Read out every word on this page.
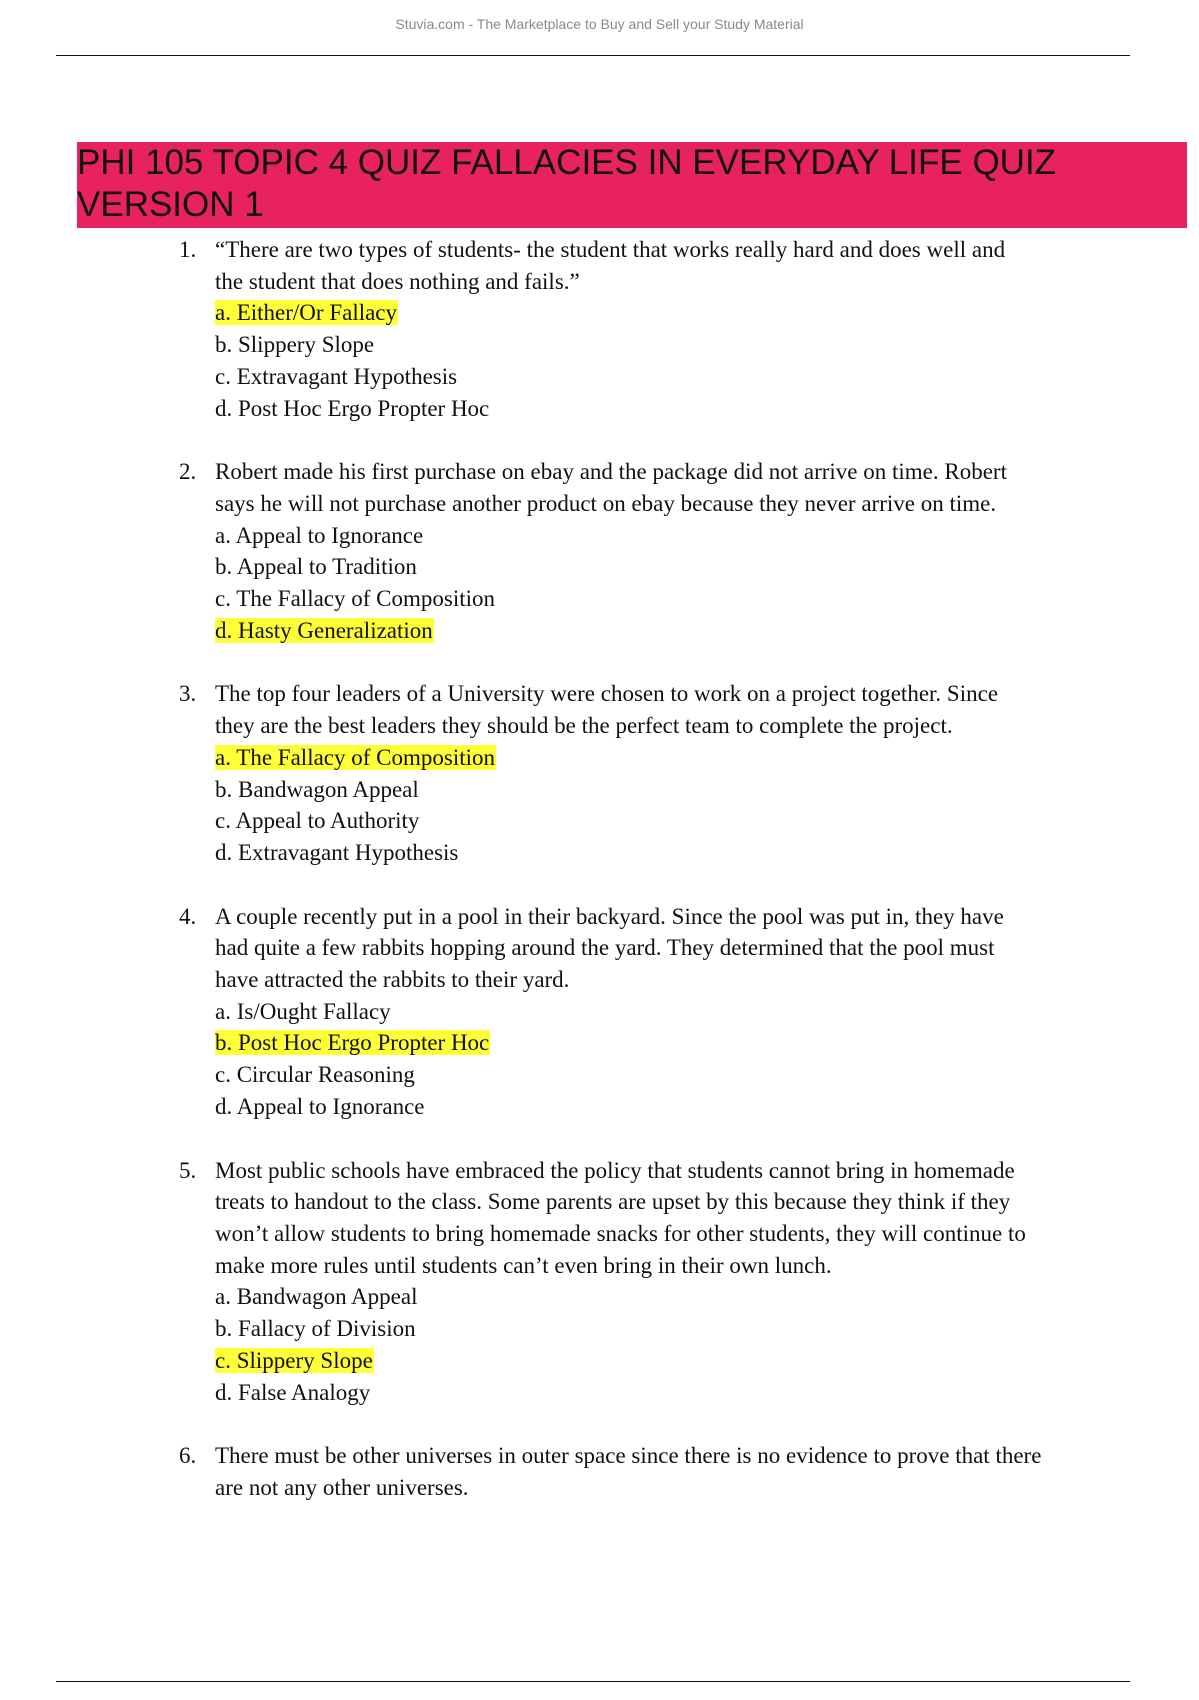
Stuvia.com - The Marketplace to Buy and Sell your Study Material
PHI 105 TOPIC 4 QUIZ FALLACIES IN EVERYDAY LIFE QUIZ
VERSION 1
1. “There are two types of students- the student that works really hard and does well and
the student that does nothing and fails.”
a. Either/Or Fallacy
b. Slippery Slope
c. Extravagant Hypothesis
d. Post Hoc Ergo Propter Hoc
2. Robert made his first purchase on ebay and the package did not arrive on time. Robert
says he will not purchase another product on ebay because they never arrive on time.
a. Appeal to Ignorance
b. Appeal to Tradition
c. The Fallacy of Composition
d. Hasty Generalization
3. The top four leaders of a University were chosen to work on a project together. Since
they are the best leaders they should be the perfect team to complete the project.
a. The Fallacy of Composition
b. Bandwagon Appeal
c. Appeal to Authority
d. Extravagant Hypothesis
4. A couple recently put in a pool in their backyard. Since the pool was put in, they have
had quite a few rabbits hopping around the yard. They determined that the pool must
have attracted the rabbits to their yard.
a. Is/Ought Fallacy
b. Post Hoc Ergo Propter Hoc
c. Circular Reasoning
d. Appeal to Ignorance
5. Most public schools have embraced the policy that students cannot bring in homemade
treats to handout to the class. Some parents are upset by this because they think if they
won’t allow students to bring homemade snacks for other students, they will continue to
make more rules until students can’t even bring in their own lunch.
a. Bandwagon Appeal
b. Fallacy of Division
c. Slippery Slope
d. False Analogy
6. There must be other universes in outer space since there is no evidence to prove that there
are not any other universes.
